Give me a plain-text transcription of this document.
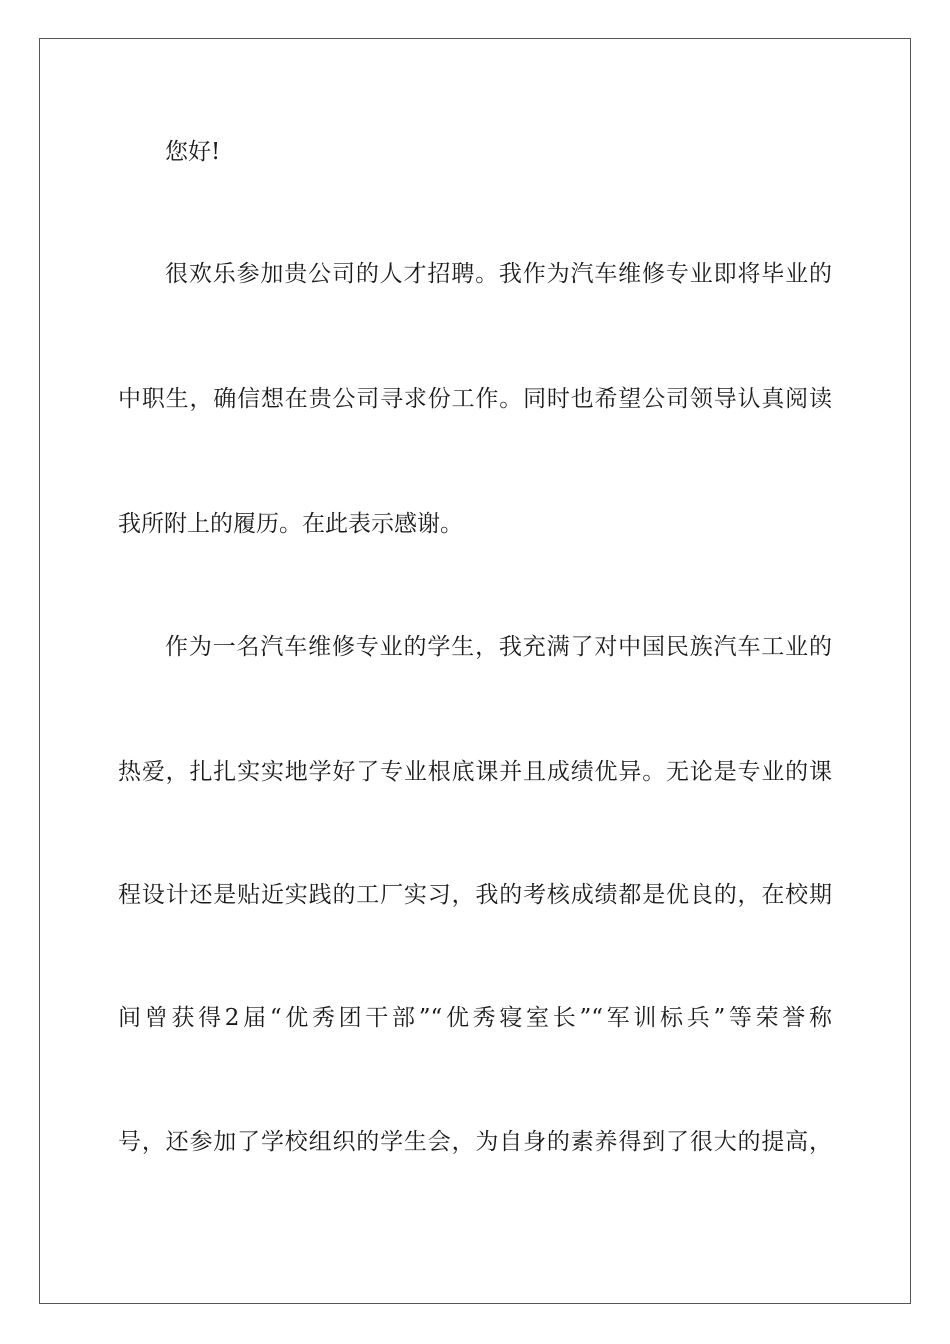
您好!

很欢乐参加贵公司的人才招聘。我作为汽车维修专业即将毕业的

中职生，确信想在贵公司寻求份工作。同时也希望公司领导认真阅读

我所附上的履历。在此表示感谢。

作为一名汽车维修专业的学生，我充满了对中国民族汽车工业的

热爱，扎扎实实地学好了专业根底课并且成绩优异。无论是专业的课

程设计还是贴近实践的工厂实习，我的考核成绩都是优良的，在校期

间曾获得2届“优秀团干部”“优秀寝室长”“军训标兵”等荣誉称

号，还参加了学校组织的学生会，为自身的素养得到了很大的提高，
